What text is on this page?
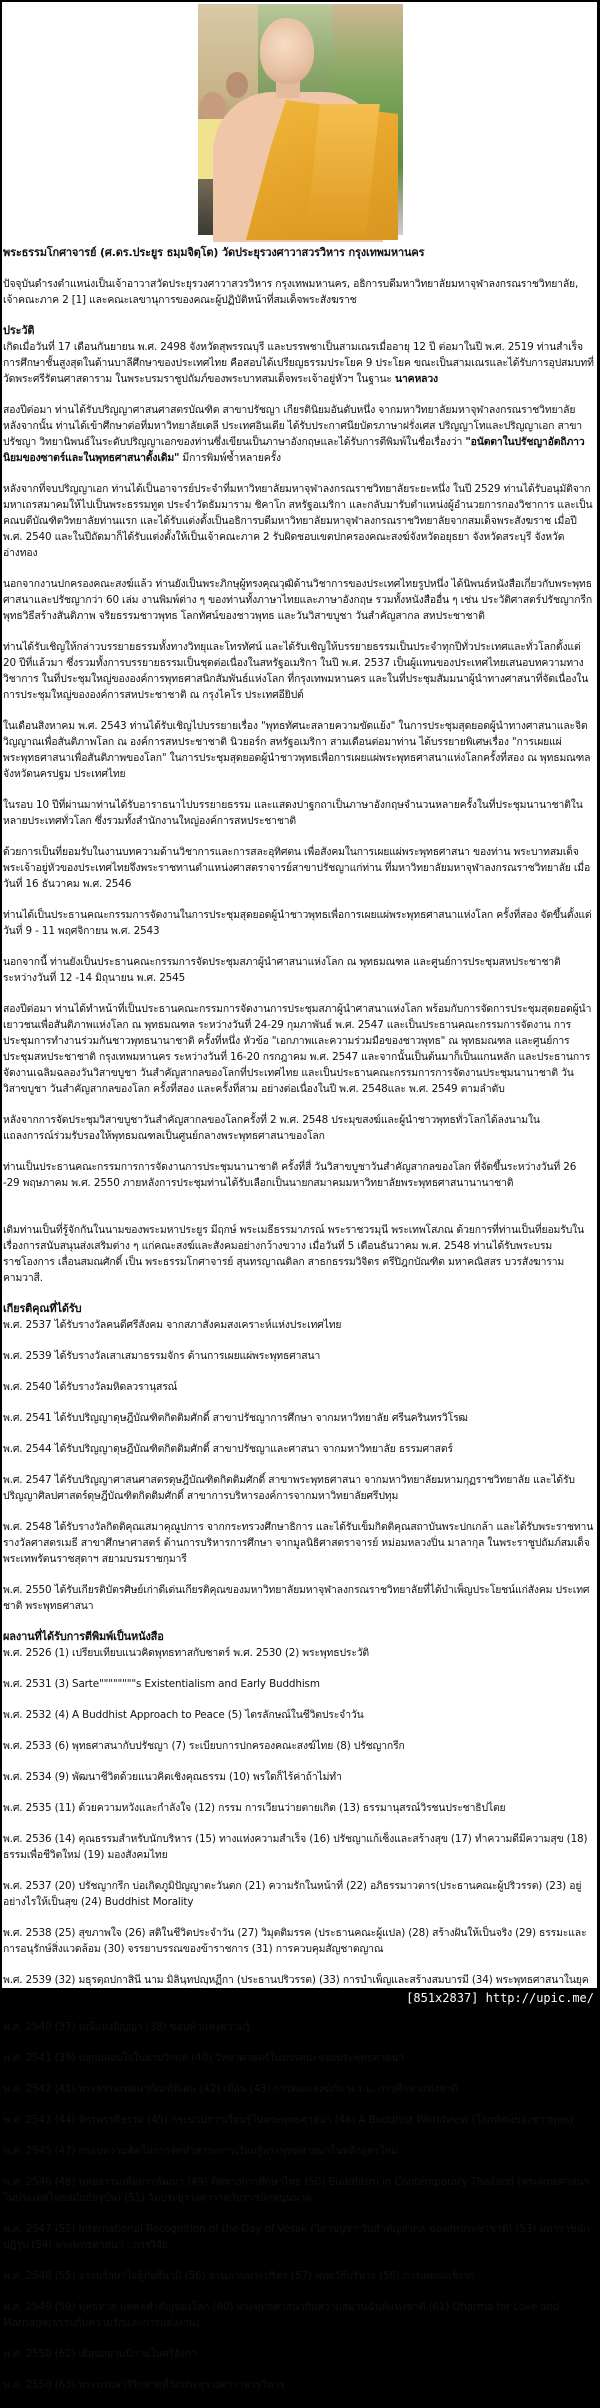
พระธรรมโกศาจารย์ (ศ.ดร.ประยูร ธมฺมจิตฺโต) วัดประยุรวงศาวาสวรวิหาร กรุงเทพมหานคร

ปัจจุบันดำรงตำแหน่งเป็นเจ้าอาวาสวัดประยุรวงศาวาสวรวิหาร กรุงเทพมหานคร, อธิการบดีมหาวิทยาลัยมหาจุฬาลงกรณราชวิทยาลัย, เจ้าคณะภาค 2 [1] และคณะเลขานุการของคณะผู้ปฏิบัติหน้าที่สมเด็จพระสังฆราช

ประวัติ

เกิดเมื่อวันที่ 17 เดือนกันยายน พ.ศ. 2498 จังหวัดสุพรรณบุรี และบรรพชาเป็นสามเณรเมื่ออายุ 12 ปี ต่อมาในปี พ.ศ. 2519 ท่านสำเร็จการศึกษาชั้นสูงสุดในด้านบาลีศึกษาของประเทศไทย คือสอบได้เปรียญธรรมประโยค 9 ประโยค ขณะเป็นสามเณรและได้รับการอุปสมบทที่วัดพระศรีรัตนศาสดาราม ในพระบรมราชูปถัมภ์ของพระบาทสมเด็จพระเจ้าอยู่หัวฯ ในฐานะ นาคหลวง

สองปีต่อมา ท่านได้รับปริญญาศาสนศาสตรบัณฑิต สาขาปรัชญา เกียรตินิยมอันดับหนึ่ง จากมหาวิทยาลัยมหาจุฬาลงกรณราชวิทยาลัย หลังจากนั้น ท่านได้เข้าศึกษาต่อที่มหาวิทยาลัยเดลี ประเทศอินเดีย ได้รับประกาศนียบัตรภาษาฝรั่งเศส ปริญญาโทและปริญญาเอก สาขาปรัชญา วิทยานิพนธ์ในระดับปริญญาเอกของท่านซึ่งเขียนเป็นภาษาอังกฤษและได้รับการตีพิมพ์ในชื่อเรื่องว่า "อนัตตาในปรัชญาอัตถิภาวนิยมของซาตร์และในพุทธศาสนาดั้งเดิม" มีการพิมพ์ซ้ำหลายครั้ง

หลังจากที่จบปริญญาเอก ท่านได้เป็นอาจารย์ประจำที่มหาวิทยาลัยมหาจุฬาลงกรณราชวิทยาลัยระยะหนึ่ง ในปี 2529 ท่านได้รับอนุมัติจากมหาเถรสมาคมให้ไปเป็นพระธรรมทูต ประจำวัดธัมมาราม ชิคาโก สหรัฐอเมริกา และกลับมารับตำแหน่งผู้อำนวยการกองวิชาการ และเป็นคณบดีบัณฑิตวิทยาลัยท่านแรก และได้รับแต่งตั้งเป็นอธิการบดีมหาวิทยาลัยมหาจุฬาลงกรณราชวิทยาลัยจากสมเด็จพระสังฆราช เมื่อปี พ.ศ. 2540 และในปีถัดมาก็ได้รับแต่งตั้งให้เป็นเจ้าคณะภาค 2 รับผิดชอบเขตปกครองคณะสงฆ์จังหวัดอยุธยา จังหวัดสระบุรี จังหวัดอ่างทอง

นอกจากงานปกครองคณะสงฆ์แล้ว ท่านยังเป็นพระภิกษุผู้ทรงคุณวุฒิด้านวิชาการของประเทศไทยรูปหนึ่ง ได้นิพนธ์หนังสือเกี่ยวกับพระพุทธศาสนาและปรัชญากว่า 60 เล่ม งานพิมพ์ต่าง ๆ ของท่านทั้งภาษาไทยและภาษาอังกฤษ รวมทั้งหนังสืออื่น ๆ เช่น ประวัติศาสตร์ปรัชญากรีก พุทธวิธีสร้างสันติภาพ จริยธรรมชาวพุทธ โลกทัศน์ของชาวพุทธ และวันวิสาขบูชา วันสำคัญสากล สหประชาชาติ

ท่านได้รับเชิญให้กล่าวบรรยายธรรมทั้งทางวิทยุและโทรทัศน์ และได้รับเชิญให้บรรยายธรรมเป็นประจำทุกปีทั่วประเทศและทั่วโลกตั้งแต่ 20 ปีที่แล้วมา ซึ่งรวมทั้งการบรรยายธรรมเป็นชุดต่อเนื่องในสหรัฐอเมริกา ในปี พ.ศ. 2537 เป็นผู้แทนของประเทศไทยเสนอบทความทางวิชาการ ในที่ประชุมใหญ่ขององค์การพุทธศาสนิกสัมพันธ์แห่งโลก ที่กรุงเทพมหานคร และในที่ประชุมสัมมนาผู้นำทางศาสนาที่จัดเนื่องในการประชุมใหญ่ขององค์การสหประชาชาติ ณ กรุงไคโร ประเทศอียิปต์

ในเดือนสิงหาคม พ.ศ. 2543 ท่านได้รับเชิญไปบรรยายเรื่อง "พุทธทัศนะสลายความขัดแย้ง" ในการประชุมสุดยอดผู้นำทางศาสนาและจิตวิญญาณเพื่อสันติภาพโลก ณ องค์การสหประชาชาติ นิวยอร์ก สหรัฐอเมริกา สามเดือนต่อมาท่าน ได้บรรยายพิเศษเรื่อง "การเผยแผ่พระพุทธศาสนาเพื่อสันติภาพของโลก" ในการประชุมสุดยอดผู้นำชาวพุทธเพื่อการเผยแผ่พระพุทธศาสนาแห่งโลกครั้งที่สอง ณ พุทธมณฑล จังหวัดนครปฐม ประเทศไทย

ในรอบ 10 ปีที่ผ่านมาท่านได้รับอาราธนาไปบรรยายธรรม และแสดงปาฐกถาเป็นภาษาอังกฤษจำนวนหลายครั้งในที่ประชุมนานาชาติในหลายประเทศทั่วโลก ซึ่งรวมทั้งสำนักงานใหญ่องค์การสหประชาชาติ

ด้วยการเป็นที่ยอมรับในงานบทความด้านวิชาการและการสละอุทิศตน เพื่อสังคมในการเผยแผ่พระพุทธศาสนา ของท่าน พระบาทสมเด็จพระเจ้าอยู่หัวของประเทศไทยจึงพระราชทานตำแหน่งศาสตราจารย์สาขาปรัชญาแก่ท่าน ที่มหาวิทยาลัยมหาจุฬาลงกรณราชวิทยาลัย เมื่อวันที่ 16 ธันวาคม พ.ศ. 2546

ท่านได้เป็นประธานคณะกรรมการจัดงานในการประชุมสุดยอดผู้นำชาวพุทธเพื่อการเผยแผ่พระพุทธศาสนาแห่งโลก ครั้งที่สอง จัดขึ้นตั้งแต่วันที่ 9 - 11 พฤศจิกายน พ.ศ. 2543

นอกจากนี้ ท่านยังเป็นประธานคณะกรรมการจัดประชุมสภาผู้นำศาสนาแห่งโลก ณ พุทธมณฑล และศูนย์การประชุมสหประชาชาติ ระหว่างวันที่ 12 -14 มิถุนายน พ.ศ. 2545

สองปีต่อมา ท่านได้ทำหน้าที่เป็นประธานคณะกรรมการจัดงานการประชุมสภาผู้นำศาสนาแห่งโลก พร้อมกับการจัดการประชุมสุดยอดผู้นำเยาวชนเพื่อสันติภาพแห่งโลก ณ พุทธมณฑล ระหว่างวันที่ 24-29 กุมภาพันธ์ พ.ศ. 2547 และเป็นประธานคณะกรรมการจัดงาน การประชุมการทำงานร่วมกันชาวพุทธนานาชาติ ครั้งที่หนึ่ง หัวข้อ "เอกภาพและความร่วมมือของชาวพุทธ" ณ พุทธมณฑล และศูนย์การประชุมสหประชาชาติ กรุงเทพมหานคร ระหว่างวันที่ 16-20 กรกฎาคม พ.ศ. 2547 และจากนั้นเป็นต้นมาก็เป็นแกนหลัก และประธานการจัดงานเฉลิมฉลองวันวิสาขบูชา วันสำคัญสากลของโลกที่ประเทศไทย และเป็นประธานคณะกรรมการการจัดงานประชุมนานาชาติ วันวิสาขบูชา วันสำคัญสากลของโลก ครั้งที่สอง และครั้งที่สาม อย่างต่อเนื่องในปี พ.ศ. 2548และ พ.ศ. 2549 ตามลำดับ

หลังจากการจัดประชุมวิสาขบูชาวันสำคัญสากลของโลกครั้งที่ 2 พ.ศ. 2548 ประมุขสงฆ์และผู้นำชาวพุทธทั่วโลกได้ลงนามในแถลงการณ์ร่วมรับรองให้พุทธมณฑลเป็นศูนย์กลางพระพุทธศาสนาของโลก

ท่านเป็นประธานคณะกรรมการการจัดงานการประชุมนานาชาติ ครั้งที่สี่ วันวิสาขบูชาวันสำคัญสากลของโลก ที่จัดขึ้นระหว่างวันที่ 26 -29 พฤษภาคม พ.ศ. 2550 ภายหลังการประชุมท่านได้รับเลือกเป็นนายกสมาคมมหาวิทยาลัยพระพุทธศาสนานานาชาติ

เดิมท่านเป็นที่รู้จักกันในนามของพระมหาประยูร มีฤกษ์ พระเมธีธรรมาภรณ์ พระราชวรมุนี พระเทพโสภณ ด้วยการที่ท่านเป็นที่ยอมรับในเรื่องการสนับสนุนส่งเสริมต่าง ๆ แก่คณะสงฆ์และสังคมอย่างกว้างขวาง เมื่อวันที่ 5 เดือนธันวาคม พ.ศ. 2548 ท่านได้รับพระบรมราชโองการ เลื่อนสมณศักดิ์ เป็น พระธรรมโกศาจารย์ สุนทรญาณดิลก สาธกธรรมวิจิตร ตรีปิฎกบัณฑิต มหาคณิสสร บวรสังฆาราม คามวาสี.

เกียรติคุณที่ได้รับ

พ.ศ. 2537 ได้รับรางวัลคนดีศรีสังคม จากสภาสังคมสงเคราะห์แห่งประเทศไทย

พ.ศ. 2539 ได้รับรางวัลเสาเสมาธรรมจักร ด้านการเผยแผ่พระพุทธศาสนา

พ.ศ. 2540 ได้รับรางวัลมหิดลวรานุสรณ์

พ.ศ. 2541 ได้รับปริญญาดุษฎีบัณฑิตกิตติมศักดิ์ สาขาปรัชญาการศึกษา จากมหาวิทยาลัย ศรีนครินทรวิโรฒ

พ.ศ. 2544 ได้รับปริญญาดุษฎีบัณฑิตกิตติมศักดิ์ สาขาปรัชญาและศาสนา จากมหาวิทยาลัย ธรรมศาสตร์

พ.ศ. 2547 ได้รับปริญญาศาสนศาสตรดุษฎีบัณฑิตกิตติมศักดิ์ สาขาพระพุทธศาสนา จากมหาวิทยาลัยมหามกุฏราชวิทยาลัย และได้รับปริญญาศิลปศาสตร์ดุษฎีบัณฑิตกิตติมศักดิ์ สาขาการบริหารองค์การจากมหาวิทยาลัยศรีปทุม

พ.ศ. 2548 ได้รับรางวัลกิตติคุณเสมาคุณูปการ จากกระทรวงศึกษาธิการ และได้รับเข็มกิตติคุณสถาบันพระปกเกล้า และได้รับพระราชทานรางวัลศาสตรเมธี สาขาศึกษาศาสตร์ ด้านการบริหารการศึกษา จากมูลนิธิศาสตราจารย์ หม่อมหลวงปิ่น มาลากุล ในพระราชูปถัมภ์สมเด็จพระเทพรัตนราชสุดาฯ สยามบรมราชกุมารี

พ.ศ. 2550 ได้รับเกียรติบัตรศิษย์เก่าดีเด่นเกียรติคุณของมหาวิทยาลัยมหาจุฬาลงกรณราชวิทยาลัยที่ได้บำเพ็ญประโยชน์แก่สังคม ประเทศชาติ พระพุทธศาสนา

ผลงานที่ได้รับการตีพิมพ์เป็นหนังสือ

พ.ศ. 2526 (1) เปรียบเทียบแนวคิดพุทธทาสกับซาตร์ พ.ศ. 2530 (2) พระพุทธประวัติ

พ.ศ. 2531 (3) Sarte""""""""s Existentialism and Early Buddhism

พ.ศ. 2532 (4) A Buddhist Approach to Peace (5) ไตรลักษณ์ในชีวิตประจำวัน

พ.ศ. 2533 (6) พุทธศาสนากับปรัชญา (7) ระเบียบการปกครองคณะสงฆ์ไทย (8) ปรัชญากรีก

พ.ศ. 2534 (9) พัฒนาชีวิตด้วยแนวคิดเชิงคุณธรรม (10) พรใดก็ไร้ค่าถ้าไม่ทำ

พ.ศ. 2535 (11) ด้วยความหวังและกำลังใจ (12) กรรม การเวียนว่ายตายเกิด (13) ธรรมานุสรณ์วิรชนประชาธิปไตย

พ.ศ. 2536 (14) คุณธรรมสำหรับนักบริหาร (15) ทางแห่งความสำเร็จ (16) ปรัชญาแก้เซ็งและสร้างสุข (17) ทำความดีมีความสุข (18) ธรรมเพื่อชีวิตใหม่ (19) มองสังคมไทย

พ.ศ. 2537 (20) ปรัชญากรีก บ่อเกิดภูมิปัญญาตะวันตก (21) ความรักในหน้าที่ (22) อภิธรรมาวตาร(ประธานคณะผู้ปริวรรต) (23) อยู่อย่างไรให้เป็นสุข (24) Buddhist Morality

พ.ศ. 2538 (25) สุขภาพใจ (26) สติในชีวิตประจำวัน (27) วิมุตติมรรค (ประธานคณะผู้แปล) (28) สร้างฝันให้เป็นจริง (29) ธรรมะและการอนุรักษ์สิ่งแวดล้อม (30) จรรยาบรรณของข้าราชการ (31) การควบคุมสัญชาตญาณ

พ.ศ. 2539 (32) มธุรตฺถปกาสินี นาม มิลินฺทปญฺหฏีกา (ประธานปริวรรต) (33) การบำเพ็ญและสร้างสมบารมี (34) พระพุทธศาสนาในยุค

พ.ศ. 2540 (37) มณีแห่งปัญญา (38) ขอบฟ้าแห่งความรู้

พ.ศ. 2541 (39) ปลุกปลอบใจในยามวิกฤต (40) วิทยาศาสตร์ในทรรศนะของพระพุทธศาสนา

พ.ศ. 2542 (41) พระธรรมเทศนากัณฑ์พิเศษ (42) เพื่อน (43) การคณะสงฆ์กับ พ.ร.บ. การศึกษาแห่งชาติ

พ.ศ. 2543 (44) จักรพรรดิธรรม (45) กระบวนการเรียนรู้ในพระพุทธศาสนา (46) A Buddhist Worldview (โลกทัศน์ของชาวพุทธ)

พ.ศ. 2545 (47) กรอบความคิดในการจัดทำสาระการเรียนรู้พระพุทธศาสนาในหลักสูตรใหม่

พ.ศ. 2546 (48) พุทธธรรมเพื่อการพัฒนา (49) ทิศทางการศึกษาไทย (50) Buddhism in Contemporary Thailand (พระพุทธศาสนาในประเทศไทยสมัยปัจจุบัน) (51) วัดประยุรวงศาวาสกับราชนิกุลบุนนาค

พ.ศ. 2547 (52) International Recognition of the Day of Vesak (วิสาขบูชา วันสำคัญสากล ของสหประชาชาติ) (53) มหาราชนักปฏิรูป (54) พระพุทธศาสนา : การวิจัย

พ.ศ. 2548 (55) ธรรมรักษาใจสู้ภัยสึนามิ (56) อานุภาพพระปริตร (57) พุทธวิธีบริหาร (58) การเผยแผ่เชิงรุก

พ.ศ. 2549 (59) พุทธทาส บุคคลสำคัญของโลก (60) พระพุทธศาสนากับความสมานฉันท์แห่งชาติ (61) Dharma for Love and Marriage(ธรรมกับความรักและการแต่งงาน)

พ.ศ. 2550 (62) เยือนสยามนิกายในศรีลังกา

พ.ศ. 2550 (63) พระบรมสารีริกธาตุที่วัดประยุรวงศาวาสวรวิหาร

[851x2837] http://upic.me/
